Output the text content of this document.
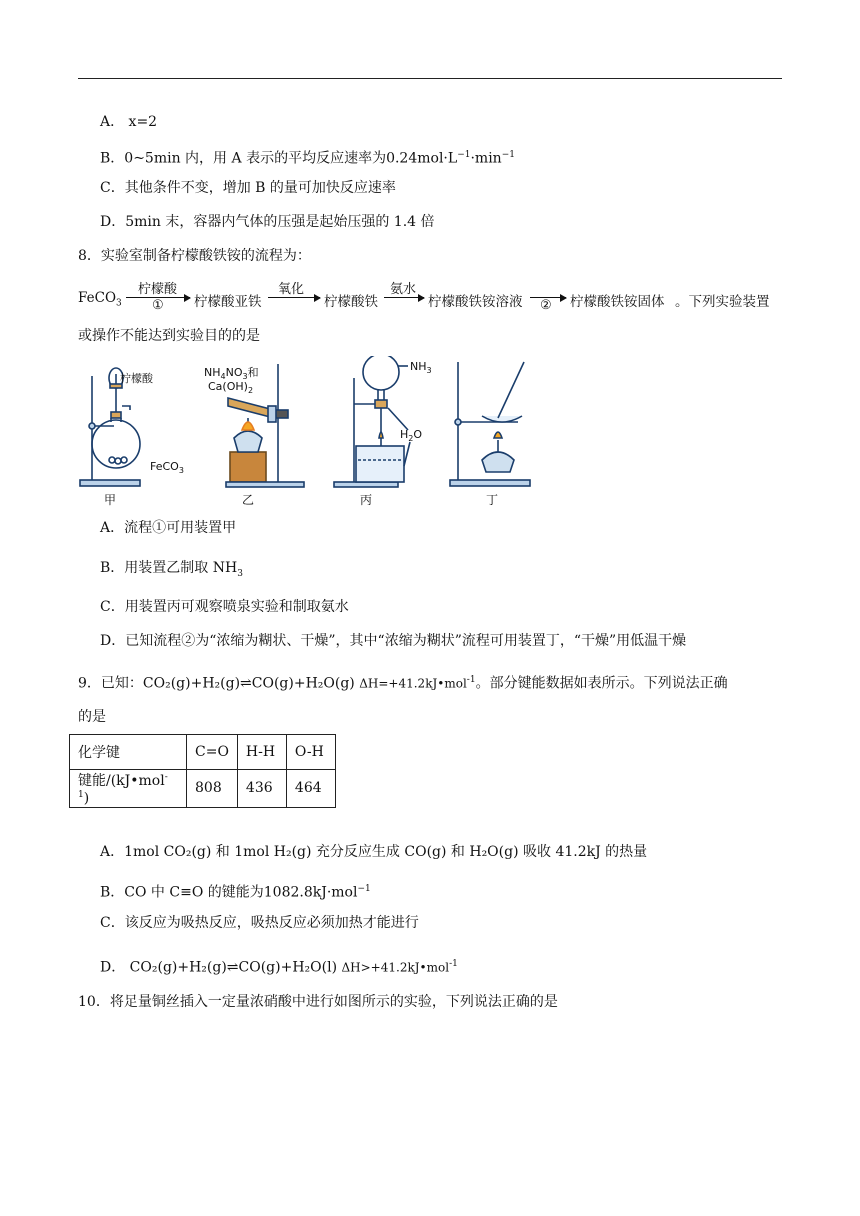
A． x=2
B．0~5min 内，用 A 表示的平均反应速率为$0.24mol\cdot L^{-1}\cdot\min^{-1}$
C．其他条件不变，增加 B 的量可加快反应速率
D．5min 末，容器内气体的压强是起始压强的 1.4 倍
8．实验室制备柠檬酸铁铵的流程为：
FeCO$_3$
柠檬酸
① 柠檬酸亚铁
氧化
柠檬酸铁
氨水
柠檬酸铁铵溶液 ② 柠檬酸铁铵固体 。下列实验装置
或操作不能达到实验目的的是
柠檬酸
FeCO$_3$
$NH_4NO_3$和
$Ca(OH)_2$
$NH_3$
$H_2O$
甲	乙	丙	丁
A．流程①可用装置甲
B．用装置乙制取 $NH_3$
C．用装置丙可观察喷泉实验和制取氨水
D．已知流程②为“浓缩为糊状、干燥”，其中“浓缩为糊状”流程可用装置丁，“干燥”用低温干燥
9．已知：CO₂(g)+H₂(g)⇌CO(g)+H₂O(g) ΔH=+41.2kJ•mol$^{-1}$。部分键能数据如表所示。下列说法正确
的是
化学键	C=O	H-H	O-H
键能/(kJ•mol$^{-1}$)	808	436	464
A．1mol CO₂(g) 和 1mol H₂(g) 充分反应生成 CO(g) 和 H₂O(g) 吸收 41.2kJ 的热量
B．CO 中 C≡O 的键能为1082.8kJ·mol$^{-1}$
C．该反应为吸热反应，吸热反应必须加热才能进行
D． CO₂(g)+H₂(g)⇌CO(g)+H₂O(l) ΔH>+41.2kJ•mol$^{-1}$
10．将足量铜丝插入一定量浓硝酸中进行如图所示的实验，下列说法正确的是
